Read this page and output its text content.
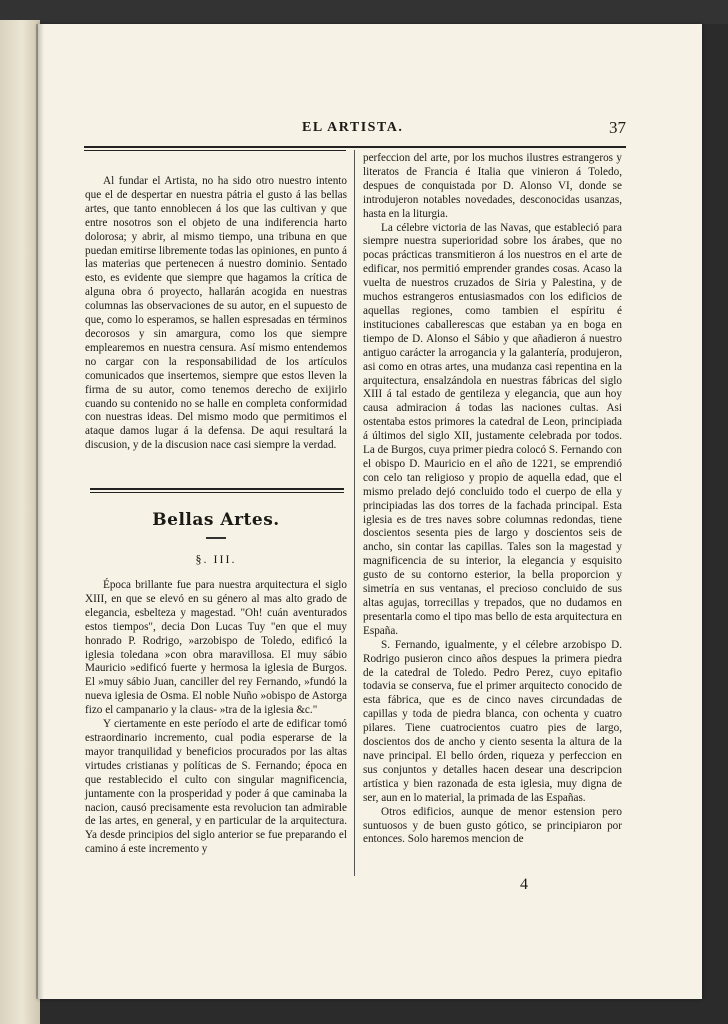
EL ARTISTA.	37

Al fundar el Artista, no ha sido otro nuestro intento que el de despertar en nuestra pátria el gusto á las bellas artes, que tanto ennoblecen á los que las cultivan y que entre nosotros son el objeto de una indiferencia harto dolorosa; y abrir, al mismo tiempo, una tribuna en que puedan emitirse libremente todas las opiniones, en punto á las materias que pertenecen á nuestro dominio. Sentado esto, es evidente que siempre que hagamos la crítica de alguna obra ó proyecto, hallarán acogida en nuestras columnas las observaciones de su autor, en el supuesto de que, como lo esperamos, se hallen espresadas en términos decorosos y sin amargura, como los que siempre emplearemos en nuestra censura. Así mismo entendemos no cargar con la responsabilidad de los artículos comunicados que insertemos, siempre que estos lleven la firma de su autor, como tenemos derecho de exijirlo cuando su contenido no se halle en completa conformidad con nuestras ideas. Del mismo modo que permitimos el ataque damos lugar á la defensa. De aqui resultará la discusion, y de la discusion nace casi siempre la verdad.

Bellas Artes.
§. III.

Época brillante fue para nuestra arquitectura el siglo XIII, en que se elevó en su género al mas alto grado de elegancia, esbelteza y magestad. "Oh! cuán aventurados estos tiempos", decia Don Lucas Tuy "en que el muy honrado P. Rodrigo, »arzobispo de Toledo, edificó la iglesia toledana »con obra maravillosa. El muy sábio Mauricio »edificó fuerte y hermosa la iglesia de Burgos. El »muy sábio Juan, canciller del rey Fernando, »fundó la nueva iglesia de Osma. El noble Nuño »obispo de Astorga fizo el campanario y la claus- »tra de la iglesia &c."

Y ciertamente en este período el arte de edificar tomó estraordinario incremento, cual podia esperarse de la mayor tranquilidad y beneficios procurados por las altas virtudes cristianas y políticas de S. Fernando; época en que restablecido el culto con singular magnificencia, juntamente con la prosperidad y poder á que caminaba la nacion, causó precisamente esta revolucion tan admirable de las artes, en general, y en particular de la arquitectura. Ya desde principios del siglo anterior se fue preparando el camino á este incremento y

perfeccion del arte, por los muchos ilustres estrangeros y literatos de Francia é Italia que vinieron á Toledo, despues de conquistada por D. Alonso VI, donde se introdujeron notables novedades, desconocidas usanzas, hasta en la liturgia.

La célebre victoria de las Navas, que estableció para siempre nuestra superioridad sobre los árabes, que no pocas prácticas transmitieron á los nuestros en el arte de edificar, nos permitió emprender grandes cosas. Acaso la vuelta de nuestros cruzados de Siria y Palestina, y de muchos estrangeros entusiasmados con los edificios de aquellas regiones, como tambien el espíritu é instituciones caballerescas que estaban ya en boga en tiempo de D. Alonso el Sábio y que añadieron á nuestro antiguo carácter la arrogancia y la galantería, produjeron, asi como en otras artes, una mudanza casi repentina en la arquitectura, ensalzándola en nuestras fábricas del siglo XIII á tal estado de gentileza y elegancia, que aun hoy causa admiracion á todas las naciones cultas. Asi ostentaba estos primores la catedral de Leon, principiada á últimos del siglo XII, justamente celebrada por todos. La de Burgos, cuya primer piedra colocó S. Fernando con el obispo D. Mauricio en el año de 1221, se emprendió con celo tan religioso y propio de aquella edad, que el mismo prelado dejó concluido todo el cuerpo de ella y principiadas las dos torres de la fachada principal. Esta iglesia es de tres naves sobre columnas redondas, tiene doscientos sesenta pies de largo y doscientos seis de ancho, sin contar las capillas. Tales son la magestad y magnificencia de su interior, la elegancia y esquisito gusto de su contorno esterior, la bella proporcion y simetría en sus ventanas, el precioso concluido de sus altas agujas, torrecillas y trepados, que no dudamos en presentarla como el tipo mas bello de esta arquitectura en España.

S. Fernando, igualmente, y el célebre arzobispo D. Rodrigo pusieron cinco años despues la primera piedra de la catedral de Toledo. Pedro Perez, cuyo epitafio todavia se conserva, fue el primer arquitecto conocido de esta fábrica, que es de cinco naves circundadas de capillas y toda de piedra blanca, con ochenta y cuatro pilares. Tiene cuatrocientos cuatro pies de largo, doscientos dos de ancho y ciento sesenta la altura de la nave principal. El bello órden, riqueza y perfeccion en sus conjuntos y detalles hacen desear una descripcion artística y bien razonada de esta iglesia, muy digna de ser, aun en lo material, la primada de las Españas.

Otros edificios, aunque de menor estension pero suntuosos y de buen gusto gótico, se principiaron por entonces. Solo haremos mencion de

4
